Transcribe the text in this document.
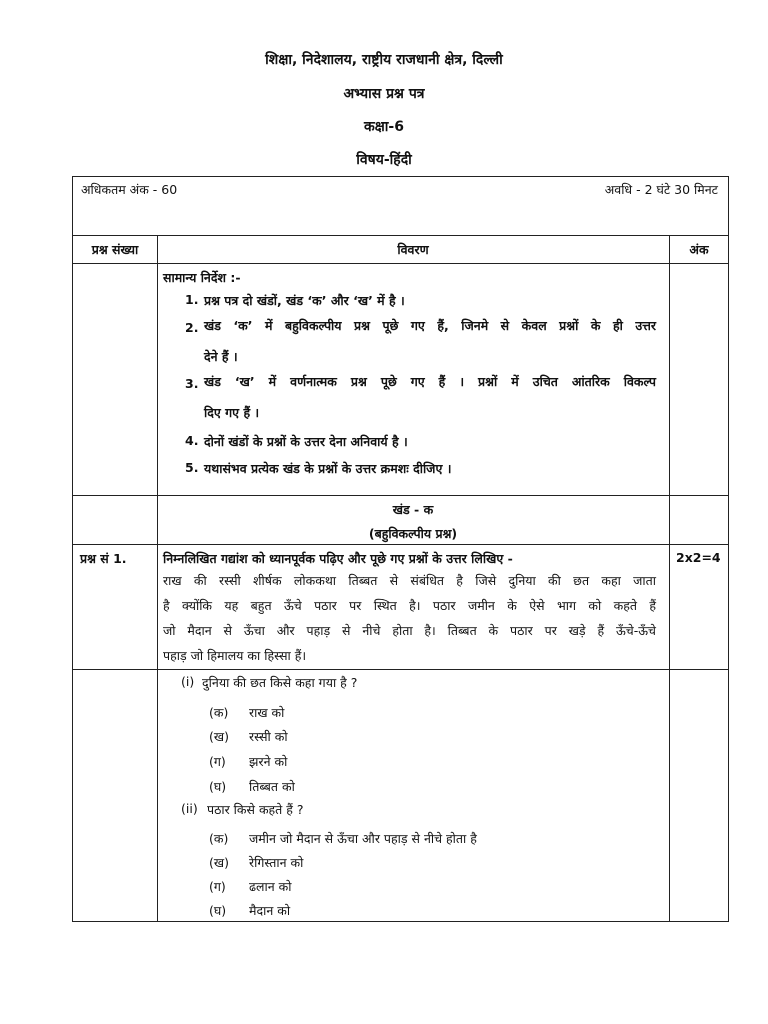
शिक्षा, निदेशालय, राष्ट्रीय राजधानी क्षेत्र, दिल्ली
अभ्यास प्रश्न पत्र
कक्षा-6
विषय-हिंदी
अधिकतम अंक - 60	अवधि - 2 घंटे 30 मिनट
प्रश्न संख्या	विवरण	अंक
सामान्य निर्देश :-
1. प्रश्न पत्र दो खंडों, खंड ‘क’ और ‘ख’ में है ।
2. खंड ‘क’ में बहुविकल्पीय प्रश्न पूछे गए हैं, जिनमे से केवल प्रश्नों के ही उत्तर
देने हैं ।
3. खंड ‘ख’ में वर्णनात्मक प्रश्न पूछे गए हैं । प्रश्नों में उचित आंतरिक विकल्प
दिए गए हैं ।
4. दोनों खंडों के प्रश्नों के उत्तर देना अनिवार्य है ।
5. यथासंभव प्रत्येक खंड के प्रश्नों के उत्तर क्रमशः दीजिए ।
खंड - क
(बहुविकल्पीय प्रश्न)
प्रश्न सं 1.	निम्नलिखित गद्यांश को ध्यानपूर्वक पढ़िए और पूछे गए प्रश्नों के उत्तर लिखिए -	2x2=4
राख की रस्सी शीर्षक लोककथा तिब्बत से संबंधित है जिसे दुनिया की छत कहा जाता
है क्योंकि यह बहुत ऊँचे पठार पर स्थित है। पठार जमीन के ऐसे भाग को कहते हैं
जो मैदान से ऊँचा और पहाड़ से नीचे होता है। तिब्बत के पठार पर खड़े हैं ऊँचे-ऊँचे
पहाड़ जो हिमालय का हिस्सा हैं।
(i) दुनिया की छत किसे कहा गया है ?
(क) राख को
(ख) रस्सी को
(ग) झरने को
(घ) तिब्बत को
(ii) पठार किसे कहते हैं ?
(क) जमीन जो मैदान से ऊँचा और पहाड़ से नीचे होता है
(ख) रेगिस्तान को
(ग) ढलान को
(घ) मैदान को
